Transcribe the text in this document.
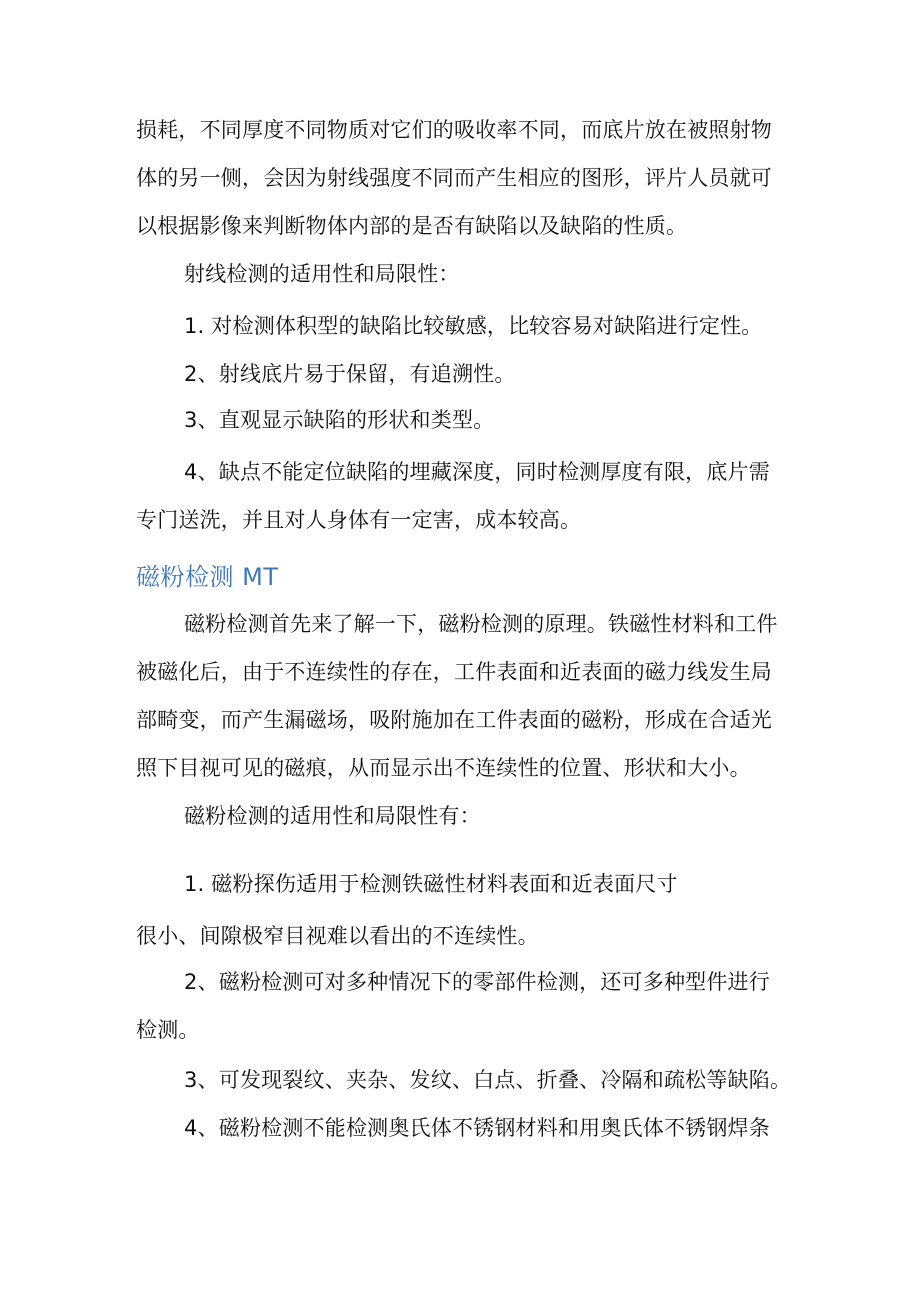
损耗，不同厚度不同物质对它们的吸收率不同，而底片放在被照射物
体的另一侧，会因为射线强度不同而产生相应的图形，评片人员就可
以根据影像来判断物体内部的是否有缺陷以及缺陷的性质。
射线检测的适用性和局限性：
1. 对检测体积型的缺陷比较敏感，比较容易对缺陷进行定性。
2、射线底片易于保留，有追溯性。
3、直观显示缺陷的形状和类型。
4、缺点不能定位缺陷的埋藏深度，同时检测厚度有限，底片需
专门送洗，并且对人身体有一定害，成本较高。
磁粉检测 MT
磁粉检测首先来了解一下，磁粉检测的原理。铁磁性材料和工件
被磁化后，由于不连续性的存在，工件表面和近表面的磁力线发生局
部畸变，而产生漏磁场，吸附施加在工件表面的磁粉，形成在合适光
照下目视可见的磁痕，从而显示出不连续性的位置、形状和大小。
磁粉检测的适用性和局限性有：
1. 磁粉探伤适用于检测铁磁性材料表面和近表面尺寸
很小、间隙极窄目视难以看出的不连续性。
2、磁粉检测可对多种情况下的零部件检测，还可多种型件进行
检测。
3、可发现裂纹、夹杂、发纹、白点、折叠、冷隔和疏松等缺陷。
4、磁粉检测不能检测奥氏体不锈钢材料和用奥氏体不锈钢焊条
